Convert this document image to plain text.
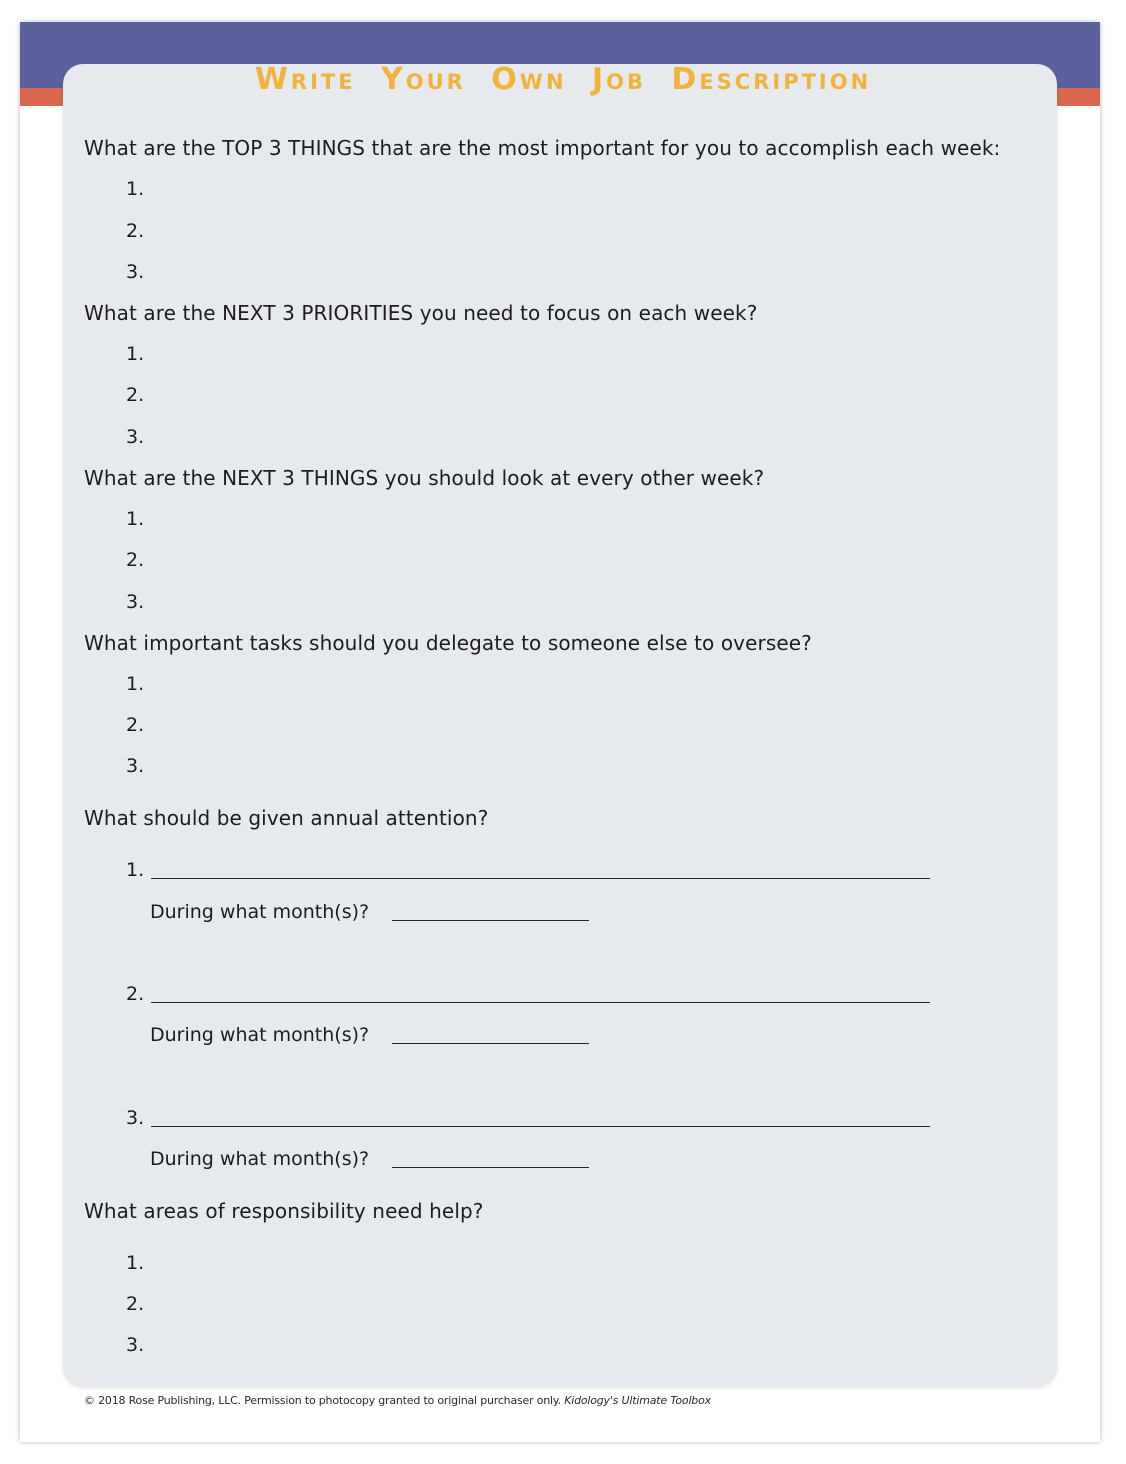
Write Your Own Job Description
What are the TOP 3 THINGS that are the most important for you to accomplish each week:
1.
2.
3.
What are the NEXT 3 PRIORITIES you need to focus on each week?
1.
2.
3.
What are the NEXT 3 THINGS you should look at every other week?
1.
2.
3.
What important tasks should you delegate to someone else to oversee?
1.
2.
3.
What should be given annual attention?
1.
During what month(s)?
2.
During what month(s)?
3.
During what month(s)?
What areas of responsibility need help?
1.
2.
3.
© 2018 Rose Publishing, LLC. Permission to photocopy granted to original purchaser only. Kidology's Ultimate Toolbox
